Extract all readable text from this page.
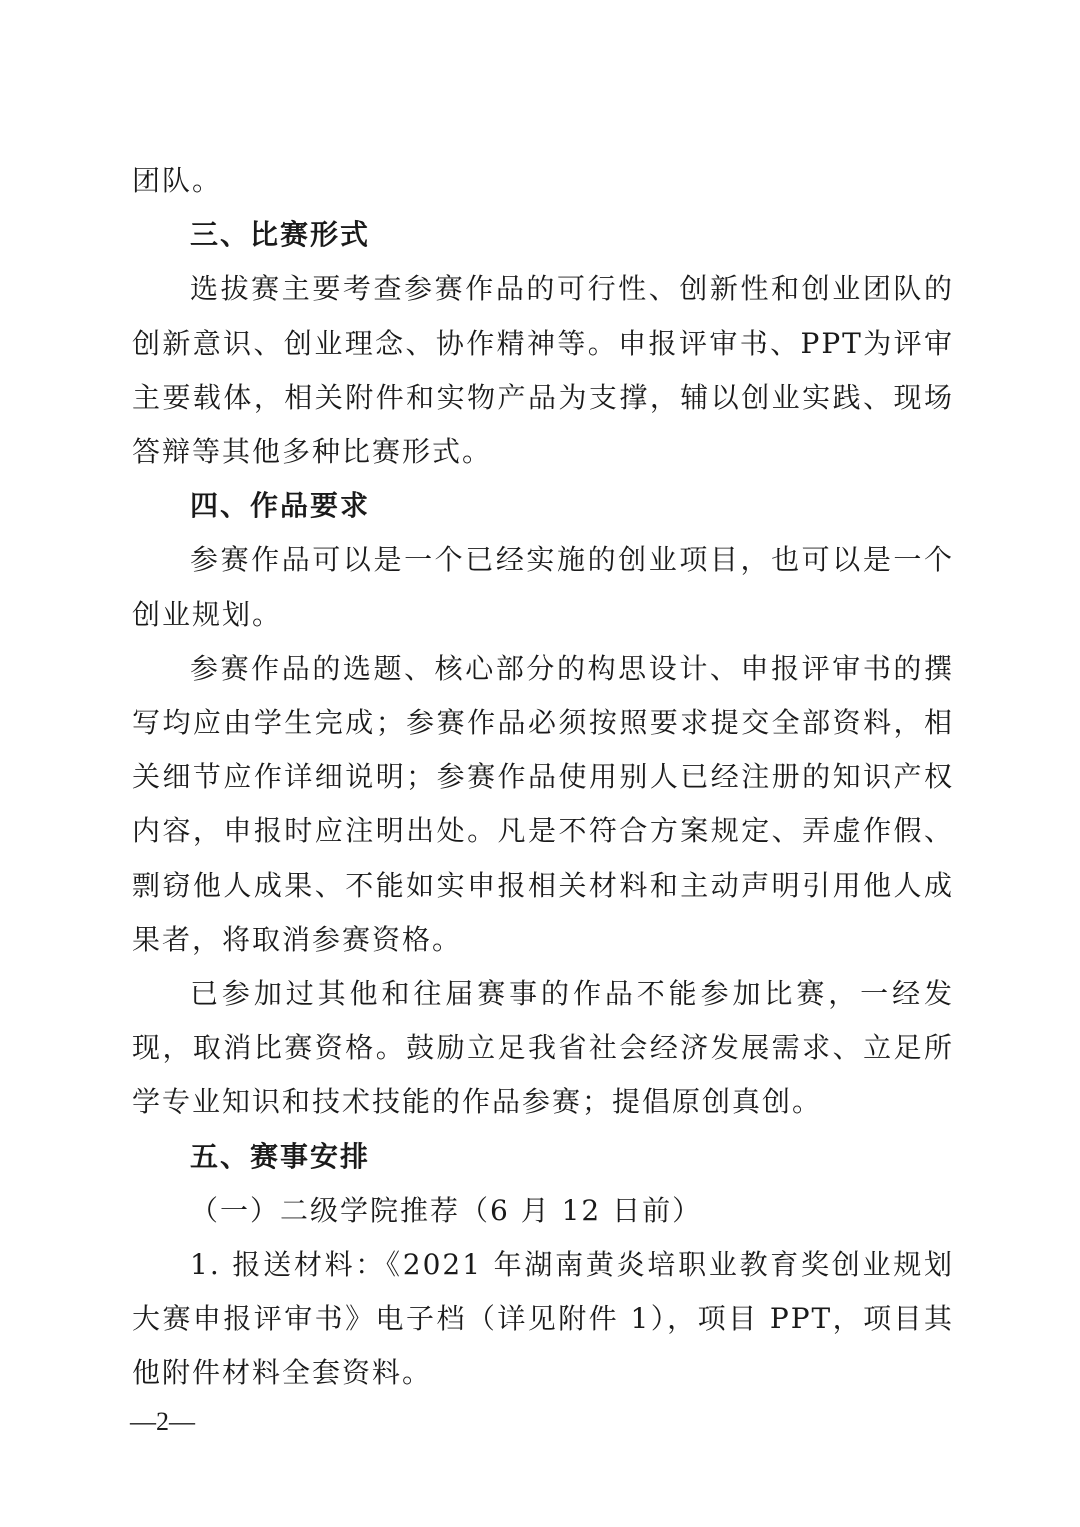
团队。

三、比赛形式

选拔赛主要考查参赛作品的可行性、创新性和创业团队的创新意识、创业理念、协作精神等。申报评审书、PPT为评审主要载体，相关附件和实物产品为支撑，辅以创业实践、现场答辩等其他多种比赛形式。

四、作品要求

参赛作品可以是一个已经实施的创业项目，也可以是一个创业规划。

参赛作品的选题、核心部分的构思设计、申报评审书的撰写均应由学生完成；参赛作品必须按照要求提交全部资料，相关细节应作详细说明；参赛作品使用别人已经注册的知识产权内容，申报时应注明出处。凡是不符合方案规定、弄虚作假、剽窃他人成果、不能如实申报相关材料和主动声明引用他人成果者，将取消参赛资格。

已参加过其他和往届赛事的作品不能参加比赛，一经发现，取消比赛资格。鼓励立足我省社会经济发展需求、立足所学专业知识和技术技能的作品参赛；提倡原创真创。

五、赛事安排

（一）二级学院推荐（6 月 12 日前）

1. 报送材料：《2021 年湖南黄炎培职业教育奖创业规划大赛申报评审书》电子档（详见附件 1），项目 PPT，项目其他附件材料全套资料。

—2—
